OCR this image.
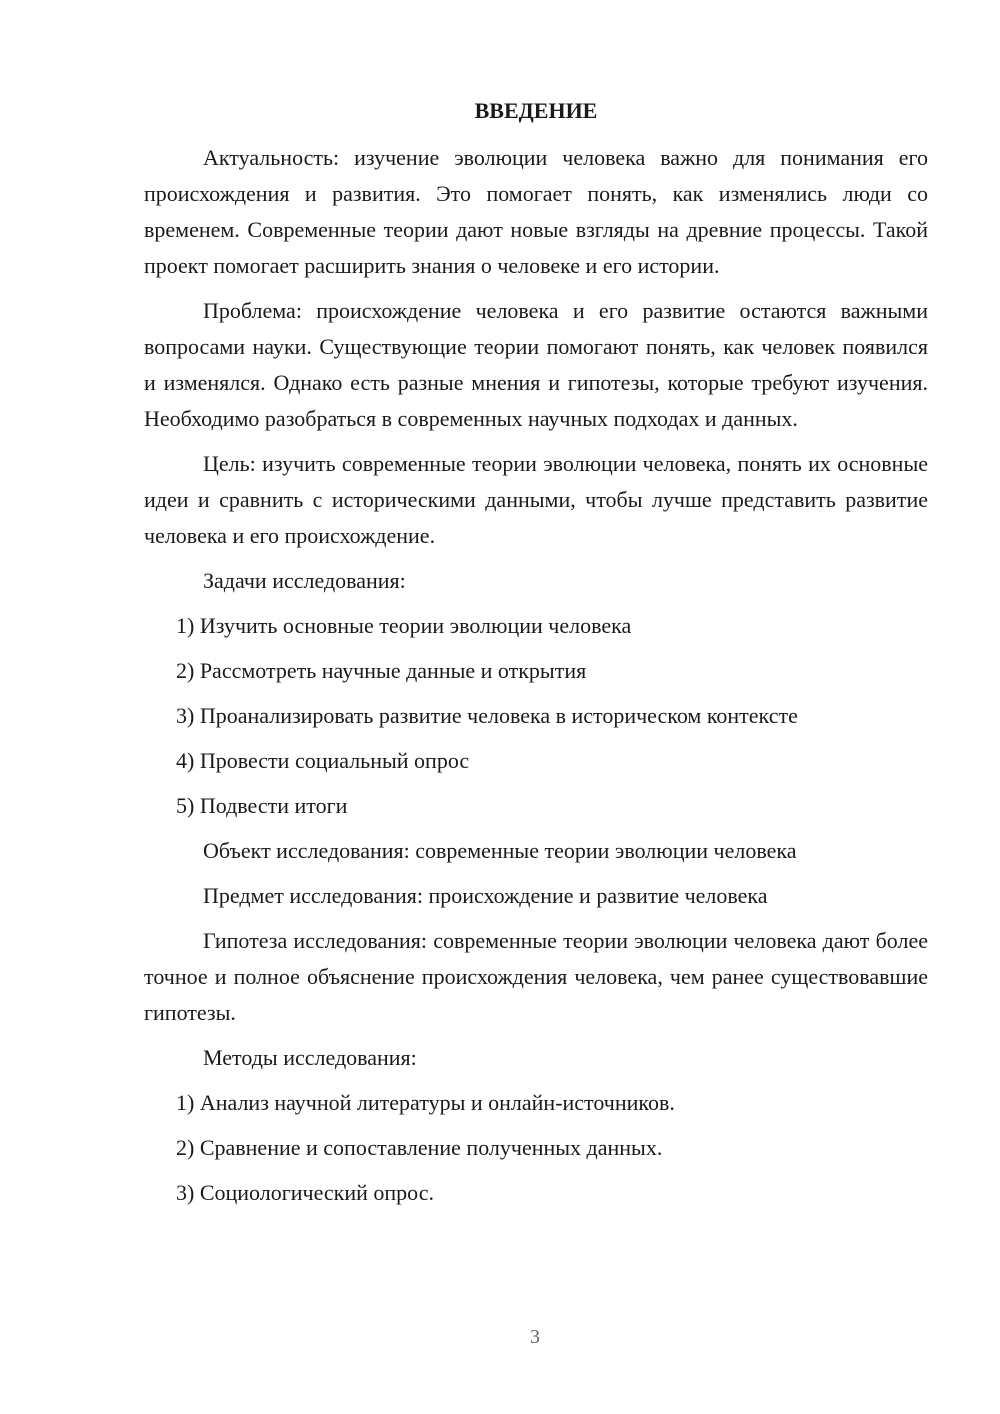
ВВЕДЕНИЕ

Актуальность: изучение эволюции человека важно для понимания его происхождения и развития. Это помогает понять, как изменялись люди со временем. Современные теории дают новые взгляды на древние процессы. Такой проект помогает расширить знания о человеке и его истории.

Проблема: происхождение человека и его развитие остаются важными вопросами науки. Существующие теории помогают понять, как человек появился и изменялся. Однако есть разные мнения и гипотезы, которые требуют изучения. Необходимо разобраться в современных научных подходах и данных.

Цель: изучить современные теории эволюции человека, понять их основные идеи и сравнить с историческими данными, чтобы лучше представить развитие человека и его происхождение.

Задачи исследования:

1) Изучить основные теории эволюции человека

2) Рассмотреть научные данные и открытия

3) Проанализировать развитие человека в историческом контексте

4) Провести социальный опрос

5) Подвести итоги

Объект исследования: современные теории эволюции человека

Предмет исследования: происхождение и развитие человека

Гипотеза исследования: современные теории эволюции человека дают более точное и полное объяснение происхождения человека, чем ранее существовавшие гипотезы.

Методы исследования:

1) Анализ научной литературы и онлайн-источников.

2) Сравнение и сопоставление полученных данных.

3) Социологический опрос.

3
